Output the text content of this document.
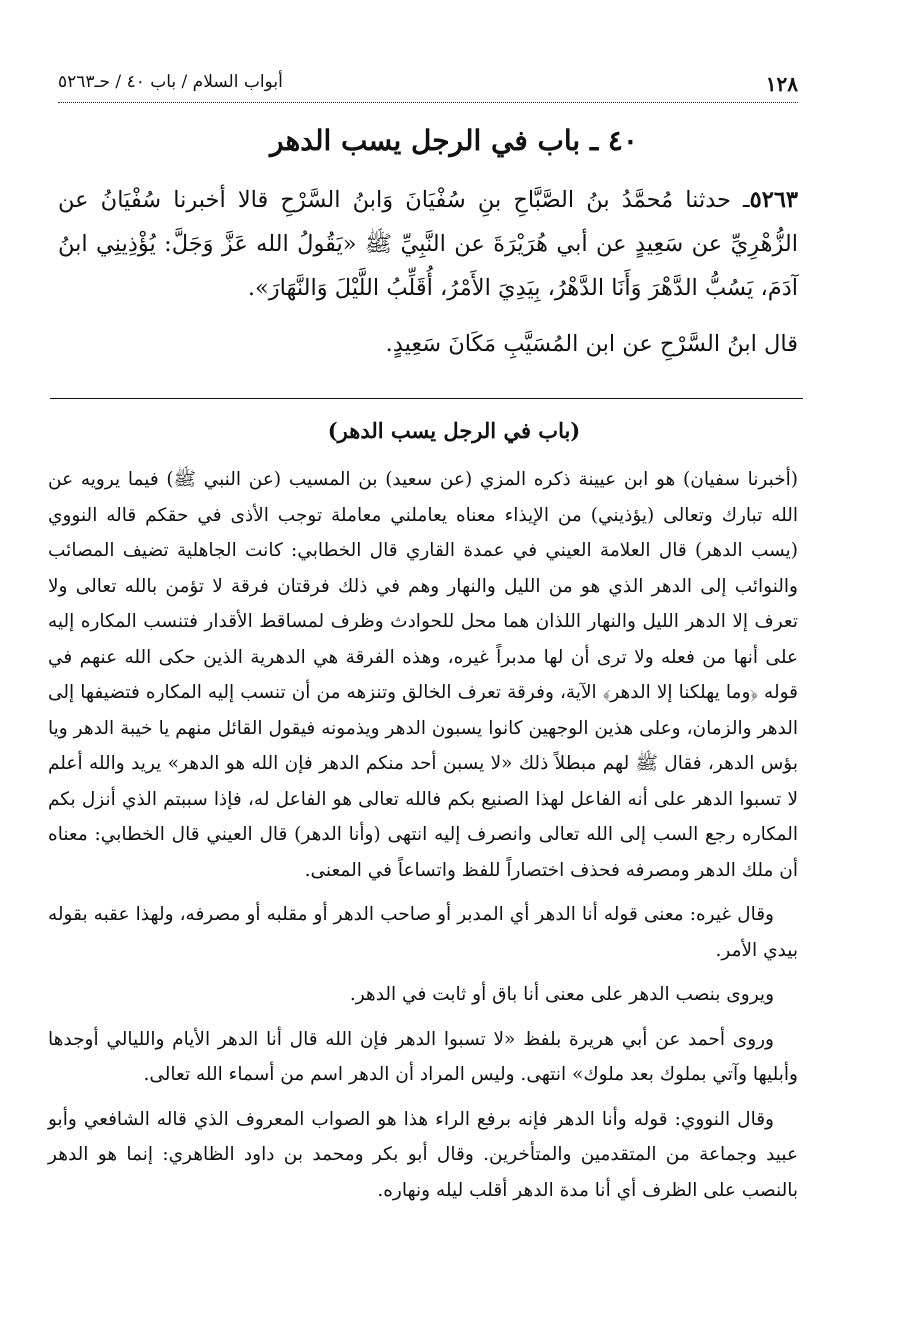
١٢٨
أبواب السلام / باب ٤٠ / حـ٥٢٦٣
٤٠ ـ باب في الرجل يسب الدهر
٥٢٦٣ـ حدثنا مُحمَّدُ بنُ الصَّبَّاحِ بنِ سُفْيَانَ وَابنُ السَّرْحِ قالا أخبرنا سُفْيَانُ عن الزُّهْرِيِّ عن سَعِيدٍ عن أبي هُرَيْرَةَ عن النَّبِيِّ ﷺ «يَقُولُ الله عَزَّ وَجَلَّ: يُؤْذِينِي ابنُ آدَمَ، يَسُبُّ الدَّهْرَ وَأَنَا الدَّهْرُ، بِيَدِيَ الأَمْرُ، أُقَلِّبُ اللَّيْلَ وَالنَّهَارَ».
قال ابنُ السَّرْحِ عن ابن المُسَيَّبِ مَكَانَ سَعِيدٍ.
(باب في الرجل يسب الدهر)

(أخبرنا سفيان) هو ابن عيينة ذكره المزي (عن سعيد) بن المسيب (عن النبي ﷺ) فيما يرويه عن الله تبارك وتعالى (يؤذيني) من الإيذاء معناه يعاملني معاملة توجب الأذى في حقكم قاله النووي (يسب الدهر) قال العلامة العيني في عمدة القاري قال الخطابي: كانت الجاهلية تضيف المصائب والنوائب إلى الدهر الذي هو من الليل والنهار وهم في ذلك فرقتان فرقة لا تؤمن بالله تعالى ولا تعرف إلا الدهر الليل والنهار اللذان هما محل للحوادث وظرف لمساقط الأقدار فتنسب المكاره إليه على أنها من فعله ولا ترى أن لها مدبراً غيره، وهذه الفرقة هي الدهرية الذين حكى الله عنهم في قوله ﴿وما يهلكنا إلا الدهر﴾ الآية، وفرقة تعرف الخالق وتنزهه من أن تنسب إليه المكاره فتضيفها إلى الدهر والزمان، وعلى هذين الوجهين كانوا يسبون الدهر ويذمونه فيقول القائل منهم يا خيبة الدهر ويا بؤس الدهر، فقال ﷺ لهم مبطلاً ذلك «لا يسبن أحد منكم الدهر فإن الله هو الدهر» يريد والله أعلم لا تسبوا الدهر على أنه الفاعل لهذا الصنيع بكم فالله تعالى هو الفاعل له، فإذا سببتم الذي أنزل بكم المكاره رجع السب إلى الله تعالى وانصرف إليه انتهى (وأنا الدهر) قال العيني قال الخطابي: معناه أن ملك الدهر ومصرفه فحذف اختصاراً للفظ واتساعاً في المعنى.

وقال غيره: معنى قوله أنا الدهر أي المدبر أو صاحب الدهر أو مقلبه أو مصرفه، ولهذا عقبه بقوله بيدي الأمر.

ويروى بنصب الدهر على معنى أنا باق أو ثابت في الدهر.

وروى أحمد عن أبي هريرة بلفظ «لا تسبوا الدهر فإن الله قال أنا الدهر الأيام والليالي أوجدها وأبليها وآتي بملوك بعد ملوك» انتهى. وليس المراد أن الدهر اسم من أسماء الله تعالى.

وقال النووي: قوله وأنا الدهر فإنه برفع الراء هذا هو الصواب المعروف الذي قاله الشافعي وأبو عبيد وجماعة من المتقدمين والمتأخرين. وقال أبو بكر ومحمد بن داود الظاهري: إنما هو الدهر بالنصب على الظرف أي أنا مدة الدهر أقلب ليله ونهاره.
